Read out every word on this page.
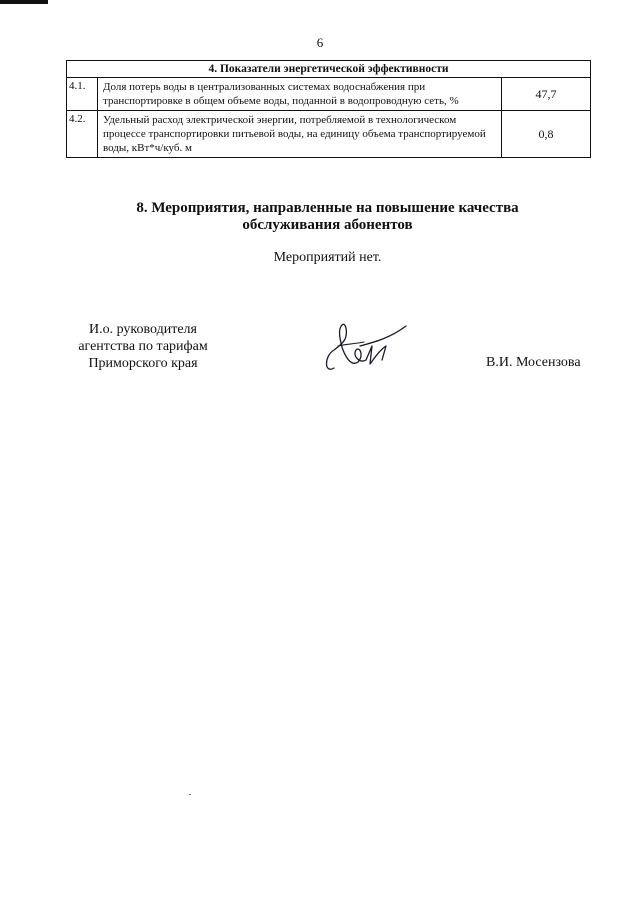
6
4. Показатели энергетической эффективности		
4.1.	Доля потерь воды в централизованных системах водоснабжения при транспортировке в общем объеме воды, поданной в водопроводную сеть, %	47,7
4.2.	Удельный расход электрической энергии, потребляемой в технологическом процессе транспортировки питьевой воды, на единицу объема транспортируемой воды, кВт*ч/куб. м	0,8
8. Мероприятия, направленные на повышение качества
обслуживания абонентов
Мероприятий нет.
И.о. руководителя
агентства по тарифам
Приморского края	В.И. Мосензова
